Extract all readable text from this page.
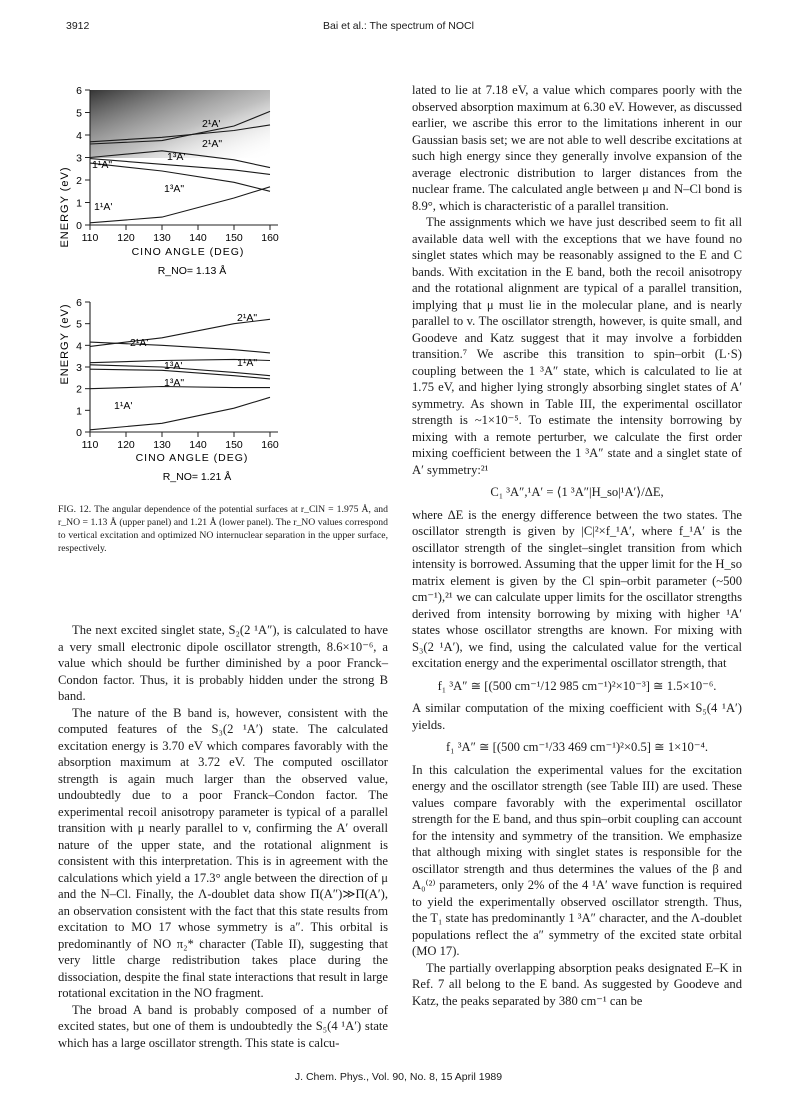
3912	Bai et al.: The spectrum of NOCl
0
1
2
3
4
5
6
110 120 130 140 150 160
2¹A'
1³A'
2¹A"
1¹A"
1³A"
1¹A'
ENERGY (eV)
CINO ANGLE (DEG)
R_NO= 1.13 Å
0
1
2
3
4
5
6
110 120 130 140 150 160
2¹A"
2¹A'
1³A'	1¹A"
1³A"
1¹A'
ENERGY (eV)
CINO ANGLE (DEG)
R_NO= 1.21 Å
FIG. 12. The angular dependence of the potential surfaces at r_ClN = 1.975 Å, and r_NO = 1.13 Å (upper panel) and 1.21 Å (lower panel). The r_NO values correspond to vertical excitation and optimized NO internuclear separation in the upper surface, respectively.

The next excited singlet state, S₂(2 ¹A″), is calculated to have a very small electronic dipole oscillator strength, 8.6×10⁻⁶, a value which should be further diminished by a poor Franck–Condon factor. Thus, it is probably hidden under the strong B band.

The nature of the B band is, however, consistent with the computed features of the S₃(2 ¹A′) state. The calculated excitation energy is 3.70 eV which compares favorably with the absorption maximum at 3.72 eV. The computed oscillator strength is again much larger than the observed value, undoubtedly due to a poor Franck–Condon factor. The experimental recoil anisotropy parameter is typical of a parallel transition with μ nearly parallel to v, confirming the A′ overall nature of the upper state, and the rotational alignment is consistent with this interpretation. This is in agreement with the calculations which yield a 17.3° angle between the direction of μ and the N–Cl. Finally, the Λ-doublet data show Π(A″)≫Π(A′), an observation consistent with the fact that this state results from excitation to MO 17 whose symmetry is a″. This orbital is predominantly of NO π₂* character (Table II), suggesting that very little charge redistribution takes place during the dissociation, despite the final state interactions that result in large rotational excitation in the NO fragment.

The broad A band is probably composed of a number of excited states, but one of them is undoubtedly the S₅(4 ¹A′) state which has a large oscillator strength. This state is calcu-

lated to lie at 7.18 eV, a value which compares poorly with the observed absorption maximum at 6.30 eV. However, as discussed earlier, we ascribe this error to the limitations inherent in our Gaussian basis set; we are not able to well describe excitations at such high energy since they generally involve expansion of the average electronic distribution to larger distances from the nuclear frame. The calculated angle between μ and N–Cl bond is 8.9°, which is characteristic of a parallel transition.

The assignments which we have just described seem to fit all available data well with the exceptions that we have found no singlet states which may be reasonably assigned to the E and C bands. With excitation in the E band, both the recoil anisotropy and the rotational alignment are typical of a parallel transition, implying that μ must lie in the molecular plane, and is nearly parallel to v. The oscillator strength, however, is quite small, and Goodeve and Katz suggest that it may involve a forbidden transition.⁷ We ascribe this transition to spin–orbit (L·S) coupling between the 1 ³A″ state, which is calculated to lie at 1.75 eV, and higher lying strongly absorbing singlet states of A′ symmetry. As shown in Table III, the experimental oscillator strength is ~1×10⁻⁵. To estimate the intensity borrowing by mixing with a remote perturber, we calculate the first order mixing coefficient between the 1 ³A″ state and a singlet state of A′ symmetry:²¹

C₁ ³A″,¹A′ = ⟨1 ³A″|H_so|¹A′⟩/ΔE,

where ΔE is the energy difference between the two states. The oscillator strength is given by |C|²×f_¹A′, where f_¹A′ is the oscillator strength of the singlet–singlet transition from which intensity is borrowed. Assuming that the upper limit for the H_so matrix element is given by the Cl spin–orbit parameter (~500 cm⁻¹),²¹ we can calculate upper limits for the oscillator strengths derived from intensity borrowing by mixing with higher ¹A′ states whose oscillator strengths are known. For mixing with S₃(2 ¹A′), we find, using the calculated value for the vertical excitation energy and the experimental oscillator strength, that

f₁ ³A″ ≅ [(500 cm⁻¹/12 985 cm⁻¹)²×10⁻³] ≅ 1.5×10⁻⁶.

A similar computation of the mixing coefficient with S₅(4 ¹A′) yields.

f₁ ³A″ ≅ [(500 cm⁻¹/33 469 cm⁻¹)²×0.5] ≅ 1×10⁻⁴.

In this calculation the experimental values for the excitation energy and the oscillator strength (see Table III) are used. These values compare favorably with the experimental oscillator strength for the E band, and thus spin–orbit coupling can account for the intensity and symmetry of the transition. We emphasize that although mixing with singlet states is responsible for the oscillator strength and thus determines the values of the β and A₀⁽²⁾ parameters, only 2% of the 4 ¹A′ wave function is required to yield the experimentally observed oscillator strength. Thus, the T₁ state has predominantly 1 ³A″ character, and the Λ-doublet populations reflect the a″ symmetry of the excited state orbital (MO 17).

The partially overlapping absorption peaks designated E–K in Ref. 7 all belong to the E band. As suggested by Goodeve and Katz, the peaks separated by 380 cm⁻¹ can be

J. Chem. Phys., Vol. 90, No. 8, 15 April 1989
